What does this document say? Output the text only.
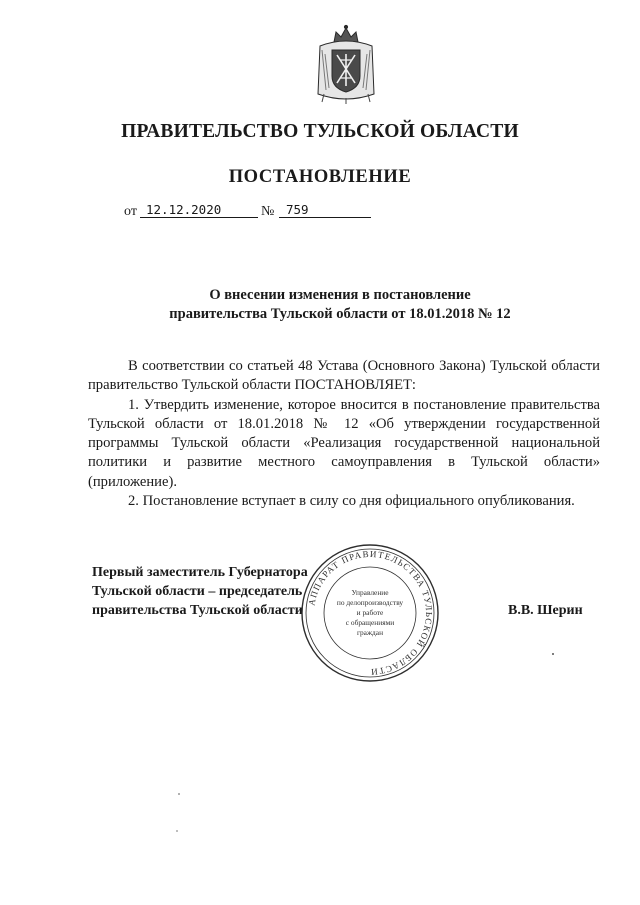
ПРАВИТЕЛЬСТВО ТУЛЬСКОЙ ОБЛАСТИ
ПОСТАНОВЛЕНИЕ
от 12.12.2020	№ 759
О внесении изменения в постановление
правительства Тульской области от 18.01.2018 № 12

В соответствии со статьей 48 Устава (Основного Закона) Тульской области правительство Тульской области ПОСТАНОВЛЯЕТ:

1. Утвердить изменение, которое вносится в постановление правительства Тульской области от 18.01.2018 № 12 «Об утверждении государственной программы Тульской области «Реализация государственной национальной политики и развитие местного самоуправления в Тульской области» (приложение).

2. Постановление вступает в силу со дня официального опубликования.

Первый заместитель Губернатора
Тульской области – председатель
правительства Тульской области	В.В. Шерин
АППАРАТ ПРАВИТЕЛЬСТВА ТУЛЬСКОЙ ОБЛАСТИ
Управление
по делопроизводству
и работе
с обращениями
граждан
